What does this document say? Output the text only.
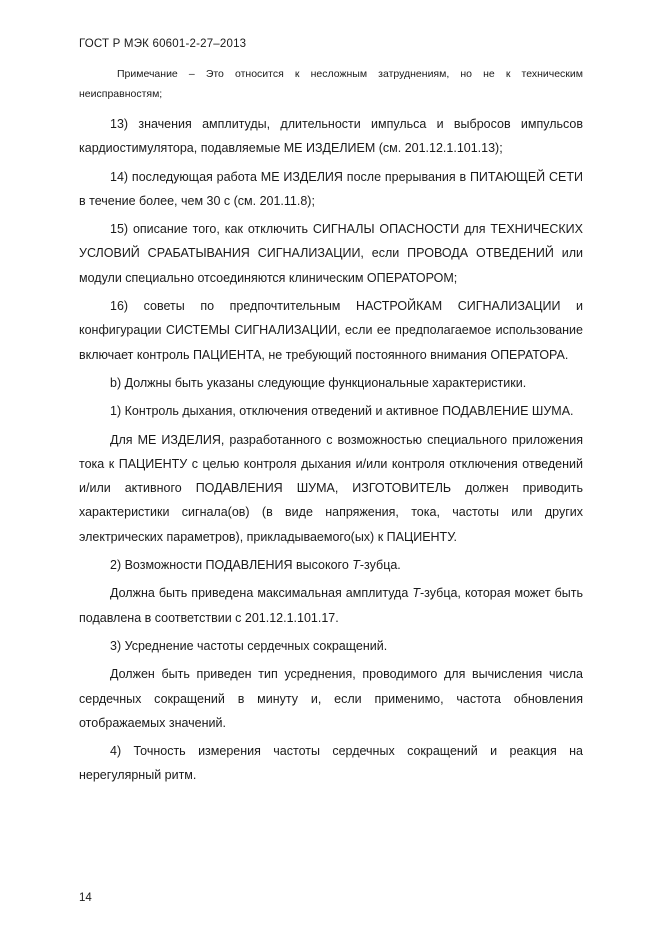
ГОСТ Р МЭК 60601-2-27–2013
Примечание – Это относится к несложным затруднениям, но не к техническим неисправностям;

13) значения амплитуды, длительности импульса и выбросов импульсов кардиостимулятора, подавляемые МЕ ИЗДЕЛИЕМ (см. 201.12.1.101.13);

14) последующая работа МЕ ИЗДЕЛИЯ после прерывания в ПИТАЮЩЕЙ СЕТИ в течение более, чем 30 с (см. 201.11.8);

15) описание того, как отключить СИГНАЛЫ ОПАСНОСТИ для ТЕХНИЧЕСКИХ УСЛОВИЙ СРАБАТЫВАНИЯ СИГНАЛИЗАЦИИ, если ПРОВОДА ОТВЕДЕНИЙ или модули специально отсоединяются клиническим ОПЕРАТОРОМ;

16) советы по предпочтительным НАСТРОЙКАМ СИГНАЛИЗАЦИИ и конфигурации СИСТЕМЫ СИГНАЛИЗАЦИИ, если ее предполагаемое использование включает контроль ПАЦИЕНТА, не требующий постоянного внимания ОПЕРАТОРА.

b) Должны быть указаны следующие функциональные характеристики.

1) Контроль дыхания, отключения отведений и активное ПОДАВЛЕНИЕ ШУМА.

Для МЕ ИЗДЕЛИЯ, разработанного с возможностью специального приложения тока к ПАЦИЕНТУ с целью контроля дыхания и/или контроля отключения отведений и/или активного ПОДАВЛЕНИЯ ШУМА, ИЗГОТОВИТЕЛЬ должен приводить характеристики сигнала(ов) (в виде напряжения, тока, частоты или других электрических параметров), прикладываемого(ых) к ПАЦИЕНТУ.

2) Возможности ПОДАВЛЕНИЯ высокого T-зубца.

Должна быть приведена максимальная амплитуда T-зубца, которая может быть подавлена в соответствии с 201.12.1.101.17.

3) Усреднение частоты сердечных сокращений.

Должен быть приведен тип усреднения, проводимого для вычисления числа сердечных сокращений в минуту и, если применимо, частота обновления отображаемых значений.

4) Точность измерения частоты сердечных сокращений и реакция на нерегулярный ритм.

14
